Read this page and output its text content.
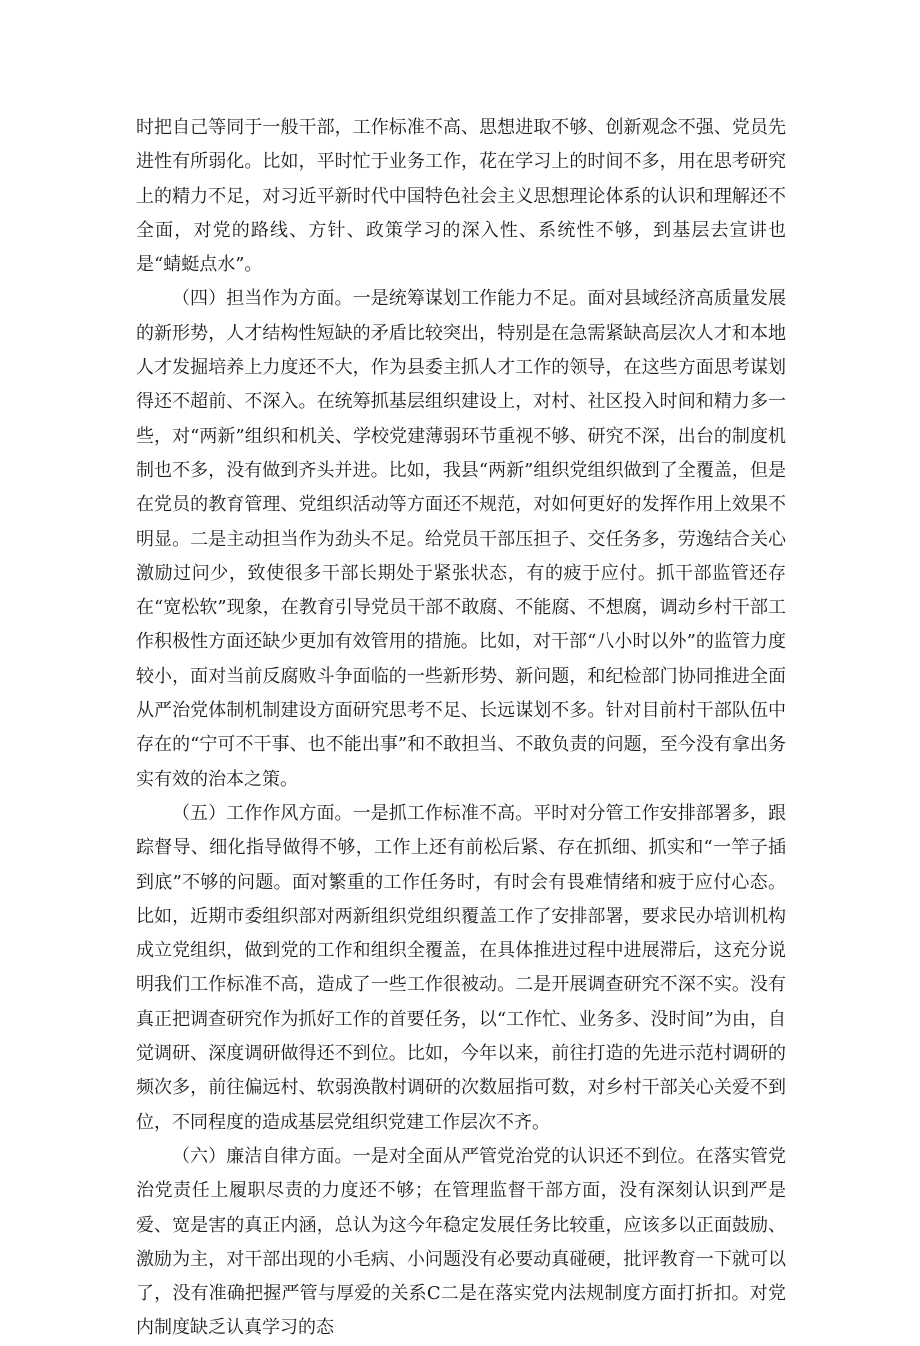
时把自己等同于一般干部，工作标准不高、思想进取不够、创新观念不强、党员先进性有所弱化。比如，平时忙于业务工作，花在学习上的时间不多，用在思考研究上的精力不足，对习近平新时代中国特色社会主义思想理论体系的认识和理解还不全面，对党的路线、方针、政策学习的深入性、系统性不够，到基层去宣讲也是“蜻蜓点水”。

（四）担当作为方面。一是统筹谋划工作能力不足。面对县域经济高质量发展的新形势，人才结构性短缺的矛盾比较突出，特别是在急需紧缺高层次人才和本地人才发掘培养上力度还不大，作为县委主抓人才工作的领导，在这些方面思考谋划得还不超前、不深入。在统筹抓基层组织建设上，对村、社区投入时间和精力多一些，对“两新”组织和机关、学校党建薄弱环节重视不够、研究不深，出台的制度机制也不多，没有做到齐头并进。比如，我县“两新”组织党组织做到了全覆盖，但是在党员的教育管理、党组织活动等方面还不规范，对如何更好的发挥作用上效果不明显。二是主动担当作为劲头不足。给党员干部压担子、交任务多，劳逸结合关心激励过问少，致使很多干部长期处于紧张状态，有的疲于应付。抓干部监管还存在“宽松软”现象，在教育引导党员干部不敢腐、不能腐、不想腐，调动乡村干部工作积极性方面还缺少更加有效管用的措施。比如，对干部“八小时以外”的监管力度较小，面对当前反腐败斗争面临的一些新形势、新问题，和纪检部门协同推进全面从严治党体制机制建设方面研究思考不足、长远谋划不多。针对目前村干部队伍中存在的“宁可不干事、也不能出事”和不敢担当、不敢负责的问题，至今没有拿出务实有效的治本之策。

（五）工作作风方面。一是抓工作标准不高。平时对分管工作安排部署多，跟踪督导、细化指导做得不够，工作上还有前松后紧、存在抓细、抓实和“一竿子插到底”不够的问题。面对繁重的工作任务时，有时会有畏难情绪和疲于应付心态。比如，近期市委组织部对两新组织党组织覆盖工作了安排部署，要求民办培训机构成立党组织，做到党的工作和组织全覆盖，在具体推进过程中进展滞后，这充分说明我们工作标准不高，造成了一些工作很被动。二是开展调查研究不深不实。没有真正把调查研究作为抓好工作的首要任务，以“工作忙、业务多、没时间”为由，自觉调研、深度调研做得还不到位。比如，今年以来，前往打造的先进示范村调研的频次多，前往偏远村、软弱涣散村调研的次数屈指可数，对乡村干部关心关爱不到位，不同程度的造成基层党组织党建工作层次不齐。

（六）廉洁自律方面。一是对全面从严管党治党的认识还不到位。在落实管党治党责任上履职尽责的力度还不够；在管理监督干部方面，没有深刻认识到严是爱、宽是害的真正内涵，总认为这今年稳定发展任务比较重，应该多以正面鼓励、激励为主，对干部出现的小毛病、小问题没有必要动真碰硬，批评教育一下就可以了，没有准确把握严管与厚爱的关系C二是在落实党内法规制度方面打折扣。对党内制度缺乏认真学习的态
